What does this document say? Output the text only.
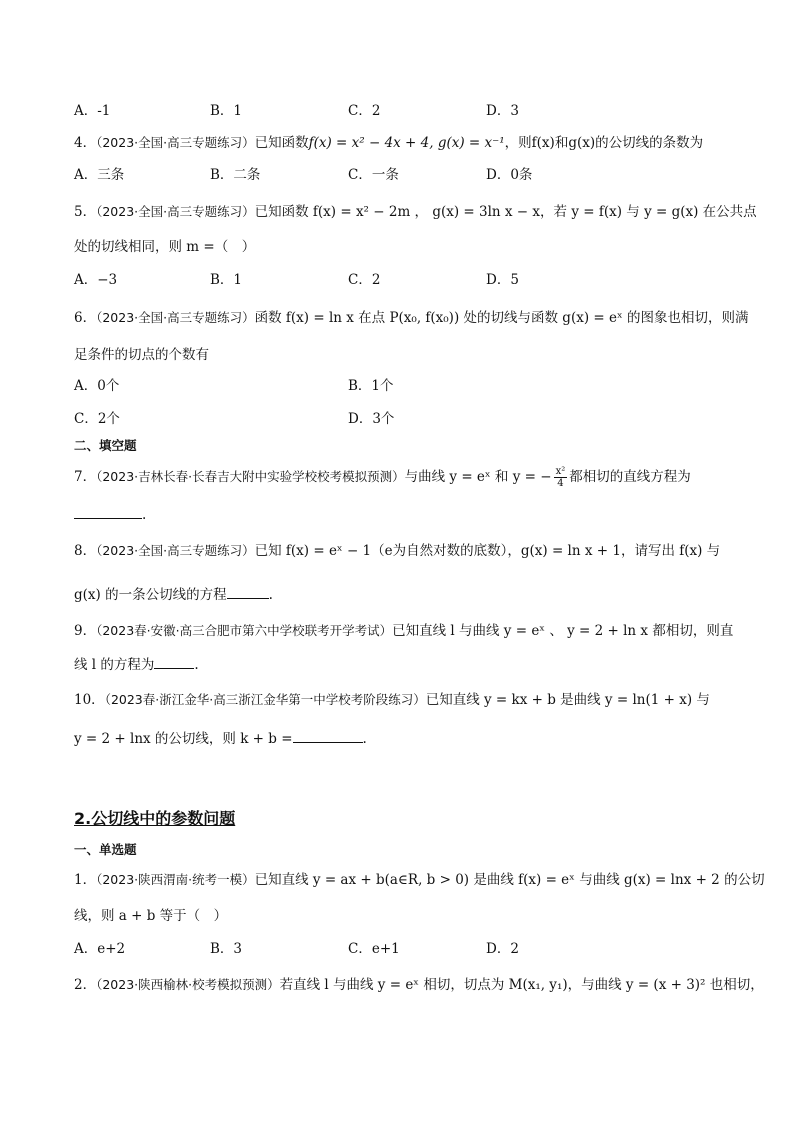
A．-1	B．1	C．2	D．3
4．（2023·全国·高三专题练习）已知函数f(x) = x² − 4x + 4, g(x) = x⁻¹，则f(x)和g(x)的公切线的条数为
A．三条	B．二条	C．一条	D．0条
5．（2023·全国·高三专题练习）已知函数 f(x) = x² − 2m ， g(x) = 3ln x − x，若 y = f(x) 与 y = g(x) 在公共点
处的切线相同，则 m =（　）
A．−3	B．1	C．2	D．5
6．（2023·全国·高三专题练习）函数 f(x) = ln x 在点 P(x₀, f(x₀)) 处的切线与函数 g(x) = eˣ 的图象也相切，则满
足条件的切点的个数有
A．0个	B．1个
C．2个	D．3个
二、填空题
7．（2023·吉林长春·长春吉大附中实验学校校考模拟预测）与曲线 y = eˣ 和 y = − $\frac{\text{x²}}{4}$ 都相切的直线方程为
.
8．（2023·全国·高三专题练习）已知 f(x) = eˣ − 1（e为自然对数的底数），g(x) = ln x + 1，请写出 f(x) 与
g(x) 的一条公切线的方程	.
9．（2023春·安徽·高三合肥市第六中学校联考开学考试）已知直线 l 与曲线 y = eˣ 、 y = 2 + ln x 都相切，则直
线 l 的方程为	.
10．（2023春·浙江金华·高三浙江金华第一中学校考阶段练习）已知直线 y = kx + b 是曲线 y = ln(1 + x) 与
y = 2 + lnx 的公切线，则 k + b =	.
2.公切线中的参数问题
一、单选题
1．（2023·陕西渭南·统考一模）已知直线 y = ax + b(a∈R, b > 0) 是曲线 f(x) = eˣ 与曲线 g(x) = lnx + 2 的公切
线，则 a + b 等于（　）
A．e+2	B．3	C．e+1	D．2
2．（2023·陕西榆林·校考模拟预测）若直线 l 与曲线 y = eˣ 相切，切点为 M(x₁, y₁)，与曲线 y = (x + 3)² 也相切，
